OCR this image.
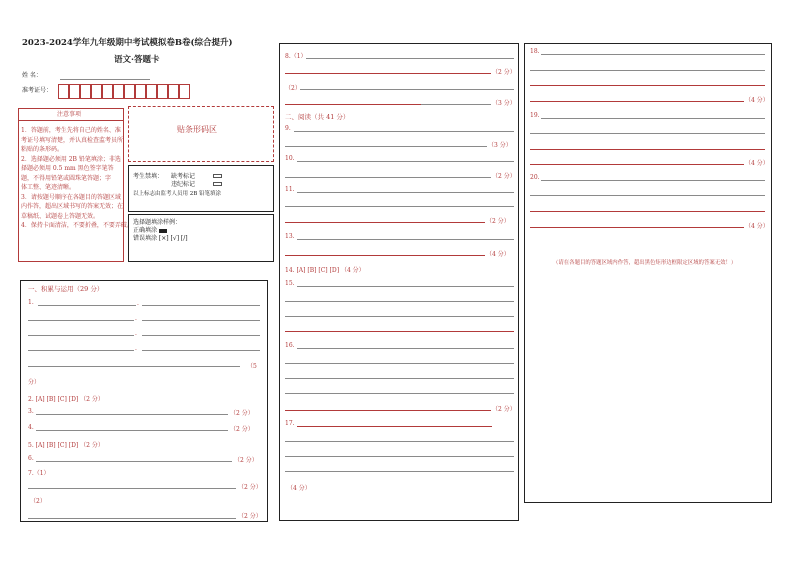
2023-2024学年九年级期中考试模拟卷B卷(综合提升)
语文·答题卡
姓 名：
准考证号：
注意事项
1．答题前，考生先将自己的姓名、准
考证号填写清楚，并认真检查监考员所
粘贴的条形码。
2．选择题必须用 2B 铅笔填涂；非选
择题必须用 0.5 mm 黑色签字笔答
题，不得用铅笔或圆珠笔答题；字
体工整、笔迹清晰。
3．请按题号顺序在各题目的答题区域
内作答，超出区域书写的答案无效；在
草稿纸、试题卷上答题无效。
4．保持卡面清洁，不要折叠，不要弄破。
贴条形码区
考生禁填： 缺考标记
违纪标记
以上标志由监考人员用 2B 铅笔填涂
选择题填涂样例：
正确填涂
错误填涂 [×] [√] [/]
一、积累与运用（29 分）
1.	.
.
.
.
（5
分）
2. [A] [B] [C] [D] （2 分）
3.	（2 分）
4.	（2 分）
5. [A] [B] [C] [D] （2 分）
6.	（2 分）
7.（1）
（2 分）
（2）
（2 分）
8.（1）
（2 分）
（2）
（3 分）
二、阅读（共 41 分）
9.
（3 分）
10.
（2 分）
11.
（2 分）
13.
（4 分）
14. [A] [B] [C] [D] （4 分）
15.
16.
（2 分）
17.
（4 分）
18.
（4 分）
19.
（4 分）
20.
（4 分）
（请在各题目的答题区域内作答，超出黑色矩形边框限定区域的答案无效！）
